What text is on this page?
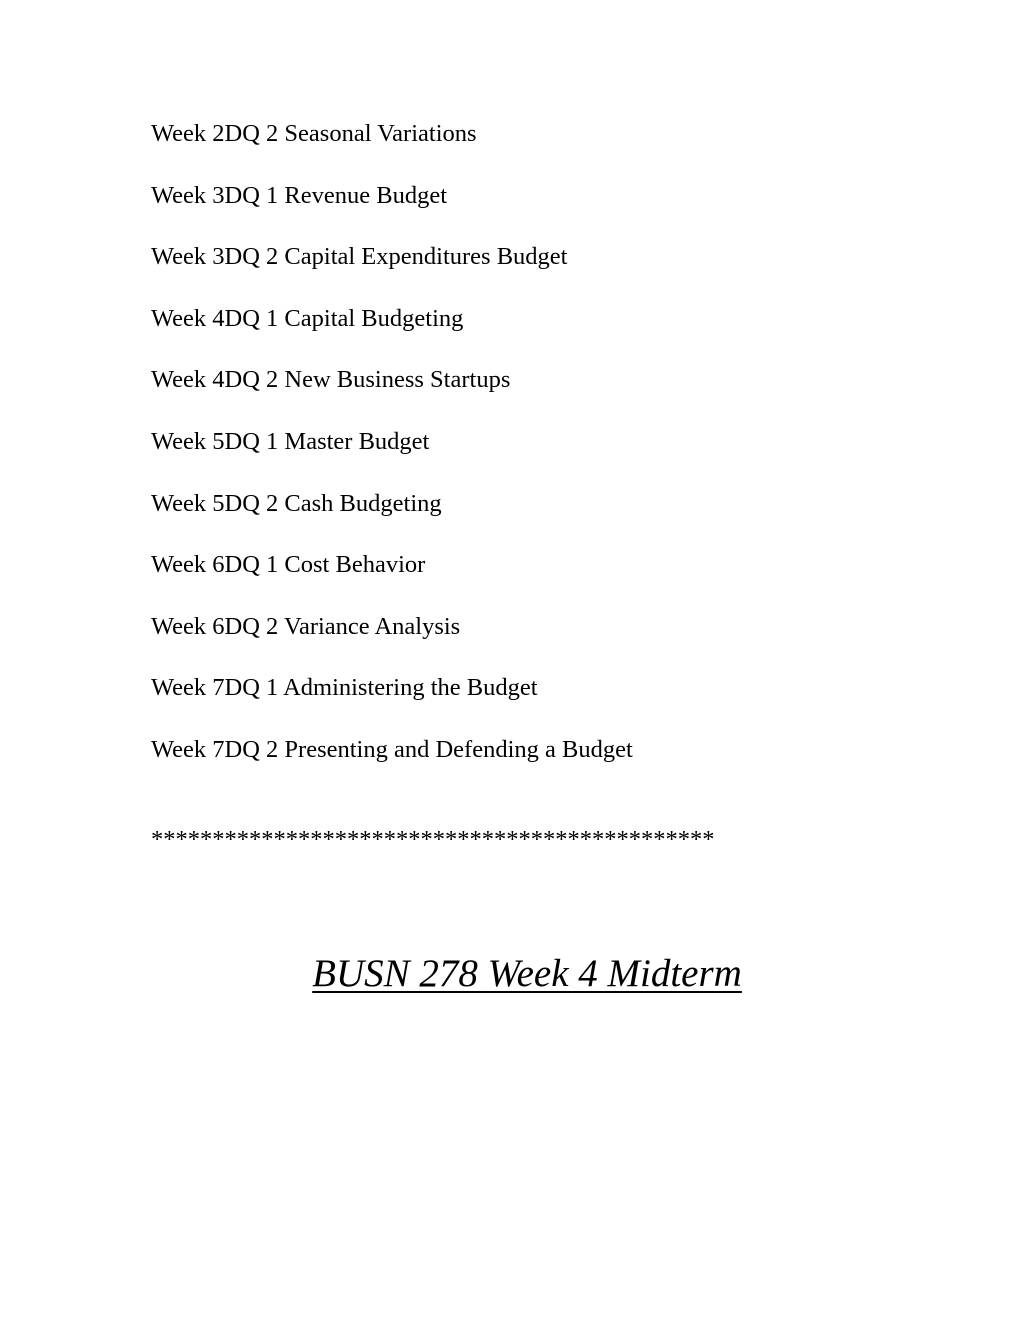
Week 2DQ 2 Seasonal Variations
Week 3DQ 1 Revenue Budget
Week 3DQ 2 Capital Expenditures Budget
Week 4DQ 1 Capital Budgeting
Week 4DQ 2 New Business Startups
Week 5DQ 1 Master Budget
Week 5DQ 2 Cash Budgeting
Week 6DQ 1 Cost Behavior
Week 6DQ 2 Variance Analysis
Week 7DQ 1 Administering the Budget
Week 7DQ 2 Presenting and Defending a Budget
**********************************************
BUSN 278 Week 4 Midterm
